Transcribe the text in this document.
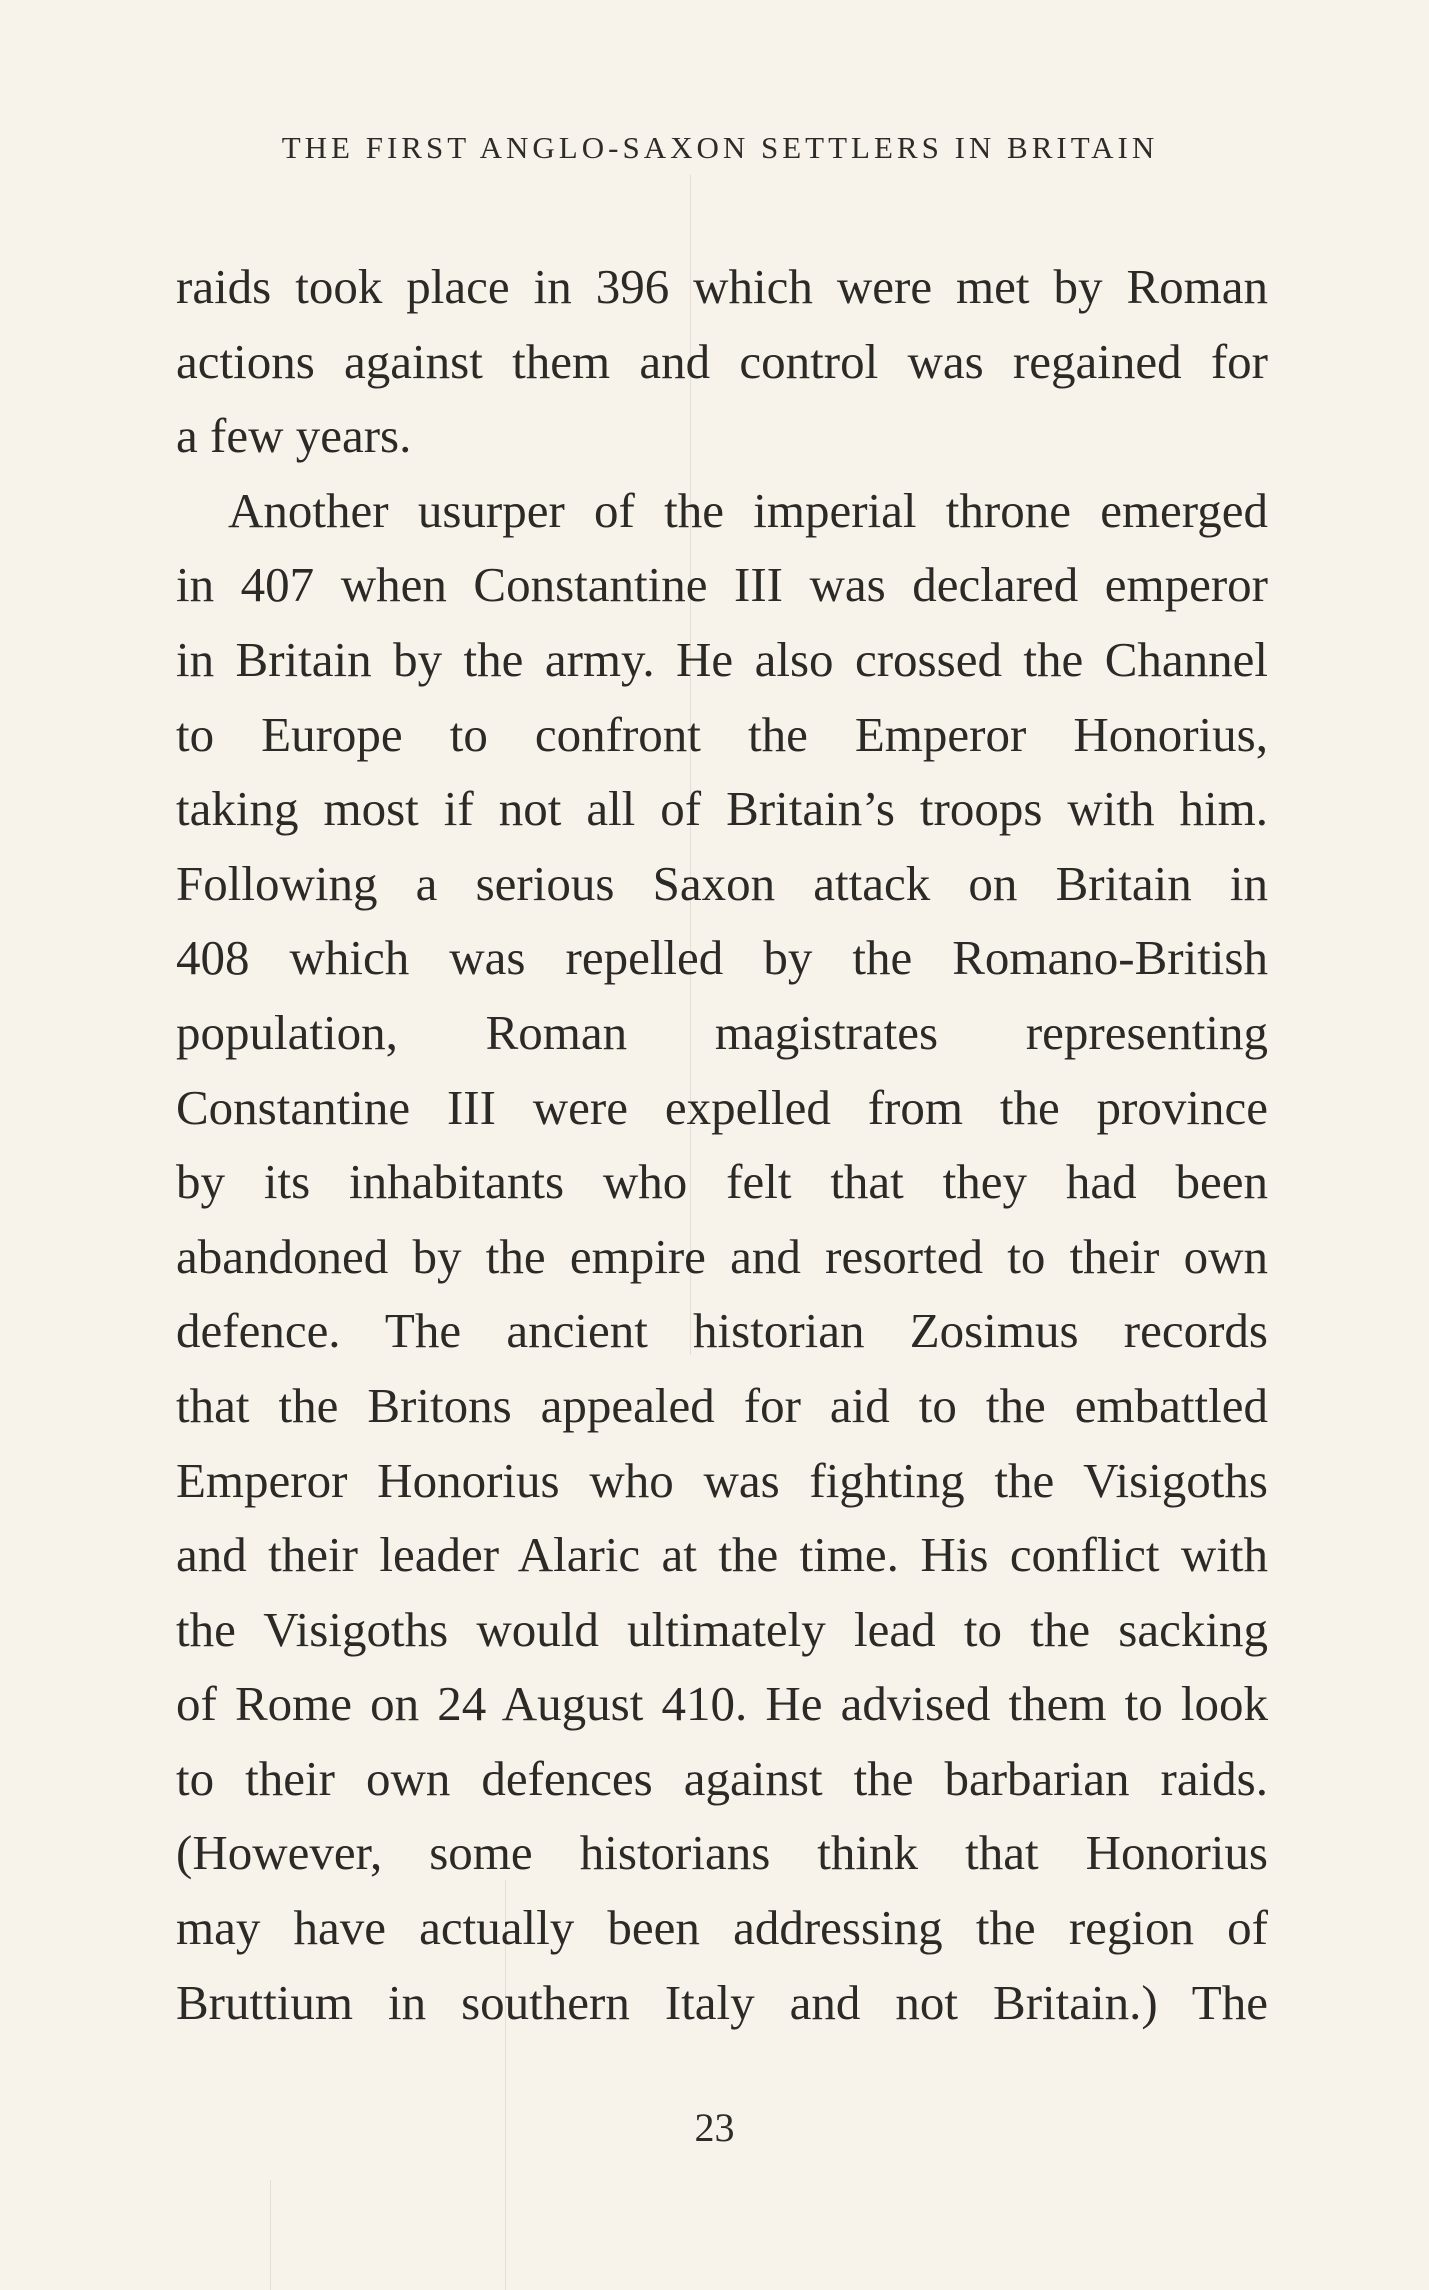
THE FIRST ANGLO-SAXON SETTLERS IN BRITAIN

raids took place in 396 which were met by Roman

actions against them and control was regained for

a few years.

Another usurper of the imperial throne emerged

in 407 when Constantine III was declared emperor

in Britain by the army. He also crossed the Channel

to Europe to confront the Emperor Honorius,

taking most if not all of Britain’s troops with him.

Following a serious Saxon attack on Britain in

408 which was repelled by the Romano-British

population, Roman magistrates representing

Constantine III were expelled from the province

by its inhabitants who felt that they had been

abandoned by the empire and resorted to their own

defence. The ancient historian Zosimus records

that the Britons appealed for aid to the embattled

Emperor Honorius who was fighting the Visigoths

and their leader Alaric at the time. His conflict with

the Visigoths would ultimately lead to the sacking

of Rome on 24 August 410. He advised them to look

to their own defences against the barbarian raids.

(However, some historians think that Honorius

may have actually been addressing the region of

Bruttium in southern Italy and not Britain.) The

23
